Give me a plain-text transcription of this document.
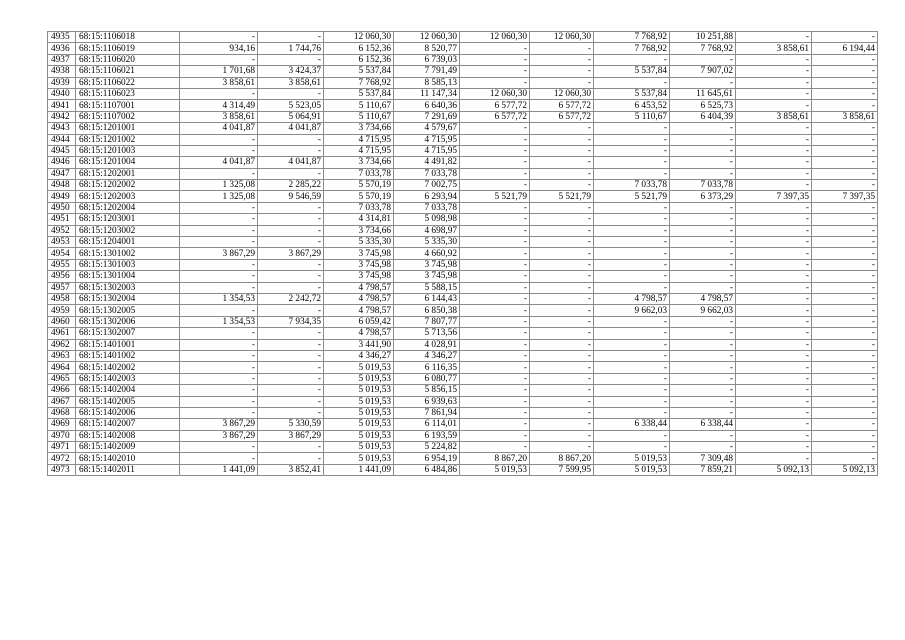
4935	68:15:1106018	-	-	12 060,30	12 060,30	12 060,30	12 060,30	7 768,92	10 251,88	-	-
4936	68:15:1106019	934,16	1 744,76	6 152,36	8 520,77	-	-	7 768,92	7 768,92	3 858,61	6 194,44
4937	68:15:1106020	-	-	6 152,36	6 739,03	-	-	-	-	-	-
4938	68:15:1106021	1 701,68	3 424,37	5 537,84	7 791,49	-	-	5 537,84	7 907,02	-	-
4939	68:15:1106022	3 858,61	3 858,61	7 768,92	8 585,13	-	-	-	-	-	-
4940	68:15:1106023	-	-	5 537,84	11 147,34	12 060,30	12 060,30	5 537,84	11 645,61	-	-
4941	68:15:1107001	4 314,49	5 523,05	5 110,67	6 640,36	6 577,72	6 577,72	6 453,52	6 525,73	-	-
4942	68:15:1107002	3 858,61	5 064,91	5 110,67	7 291,69	6 577,72	6 577,72	5 110,67	6 404,39	3 858,61	3 858,61
4943	68:15:1201001	4 041,87	4 041,87	3 734,66	4 579,67	-	-	-	-	-	-
4944	68:15:1201002	-	-	4 715,95	4 715,95	-	-	-	-	-	-
4945	68:15:1201003	-	-	4 715,95	4 715,95	-	-	-	-	-	-
4946	68:15:1201004	4 041,87	4 041,87	3 734,66	4 491,82	-	-	-	-	-	-
4947	68:15:1202001	-	-	7 033,78	7 033,78	-	-	-	-	-	-
4948	68:15:1202002	1 325,08	2 285,22	5 570,19	7 002,75	-	-	7 033,78	7 033,78	-	-
4949	68:15:1202003	1 325,08	9 546,59	5 570,19	6 293,94	5 521,79	5 521,79	5 521,79	6 373,29	7 397,35	7 397,35
4950	68:15:1202004	-	-	7 033,78	7 033,78	-	-	-	-	-	-
4951	68:15:1203001	-	-	4 314,81	5 098,98	-	-	-	-	-	-
4952	68:15:1203002	-	-	3 734,66	4 698,97	-	-	-	-	-	-
4953	68:15:1204001	-	-	5 335,30	5 335,30	-	-	-	-	-	-
4954	68:15:1301002	3 867,29	3 867,29	3 745,98	4 660,92	-	-	-	-	-	-
4955	68:15:1301003	-	-	3 745,98	3 745,98	-	-	-	-	-	-
4956	68:15:1301004	-	-	3 745,98	3 745,98	-	-	-	-	-	-
4957	68:15:1302003	-	-	4 798,57	5 588,15	-	-	-	-	-	-
4958	68:15:1302004	1 354,53	2 242,72	4 798,57	6 144,43	-	-	4 798,57	4 798,57	-	-
4959	68:15:1302005	-	-	4 798,57	6 850,38	-	-	9 662,03	9 662,03	-	-
4960	68:15:1302006	1 354,53	7 934,35	6 059,42	7 807,77	-	-	-	-	-	-
4961	68:15:1302007	-	-	4 798,57	5 713,56	-	-	-	-	-	-
4962	68:15:1401001	-	-	3 441,90	4 028,91	-	-	-	-	-	-
4963	68:15:1401002	-	-	4 346,27	4 346,27	-	-	-	-	-	-
4964	68:15:1402002	-	-	5 019,53	6 116,35	-	-	-	-	-	-
4965	68:15:1402003	-	-	5 019,53	6 080,77	-	-	-	-	-	-
4966	68:15:1402004	-	-	5 019,53	5 856,15	-	-	-	-	-	-
4967	68:15:1402005	-	-	5 019,53	6 939,63	-	-	-	-	-	-
4968	68:15:1402006	-	-	5 019,53	7 861,94	-	-	-	-	-	-
4969	68:15:1402007	3 867,29	5 330,59	5 019,53	6 114,01	-	-	6 338,44	6 338,44	-	-
4970	68:15:1402008	3 867,29	3 867,29	5 019,53	6 193,59	-	-	-	-	-	-
4971	68:15:1402009	-	-	5 019,53	5 224,82	-	-	-	-	-	-
4972	68:15:1402010	-	-	5 019,53	6 954,19	8 867,20	8 867,20	5 019,53	7 309,48	-	-
4973	68:15:1402011	1 441,09	3 852,41	1 441,09	6 484,86	5 019,53	7 599,95	5 019,53	7 859,21	5 092,13	5 092,13
